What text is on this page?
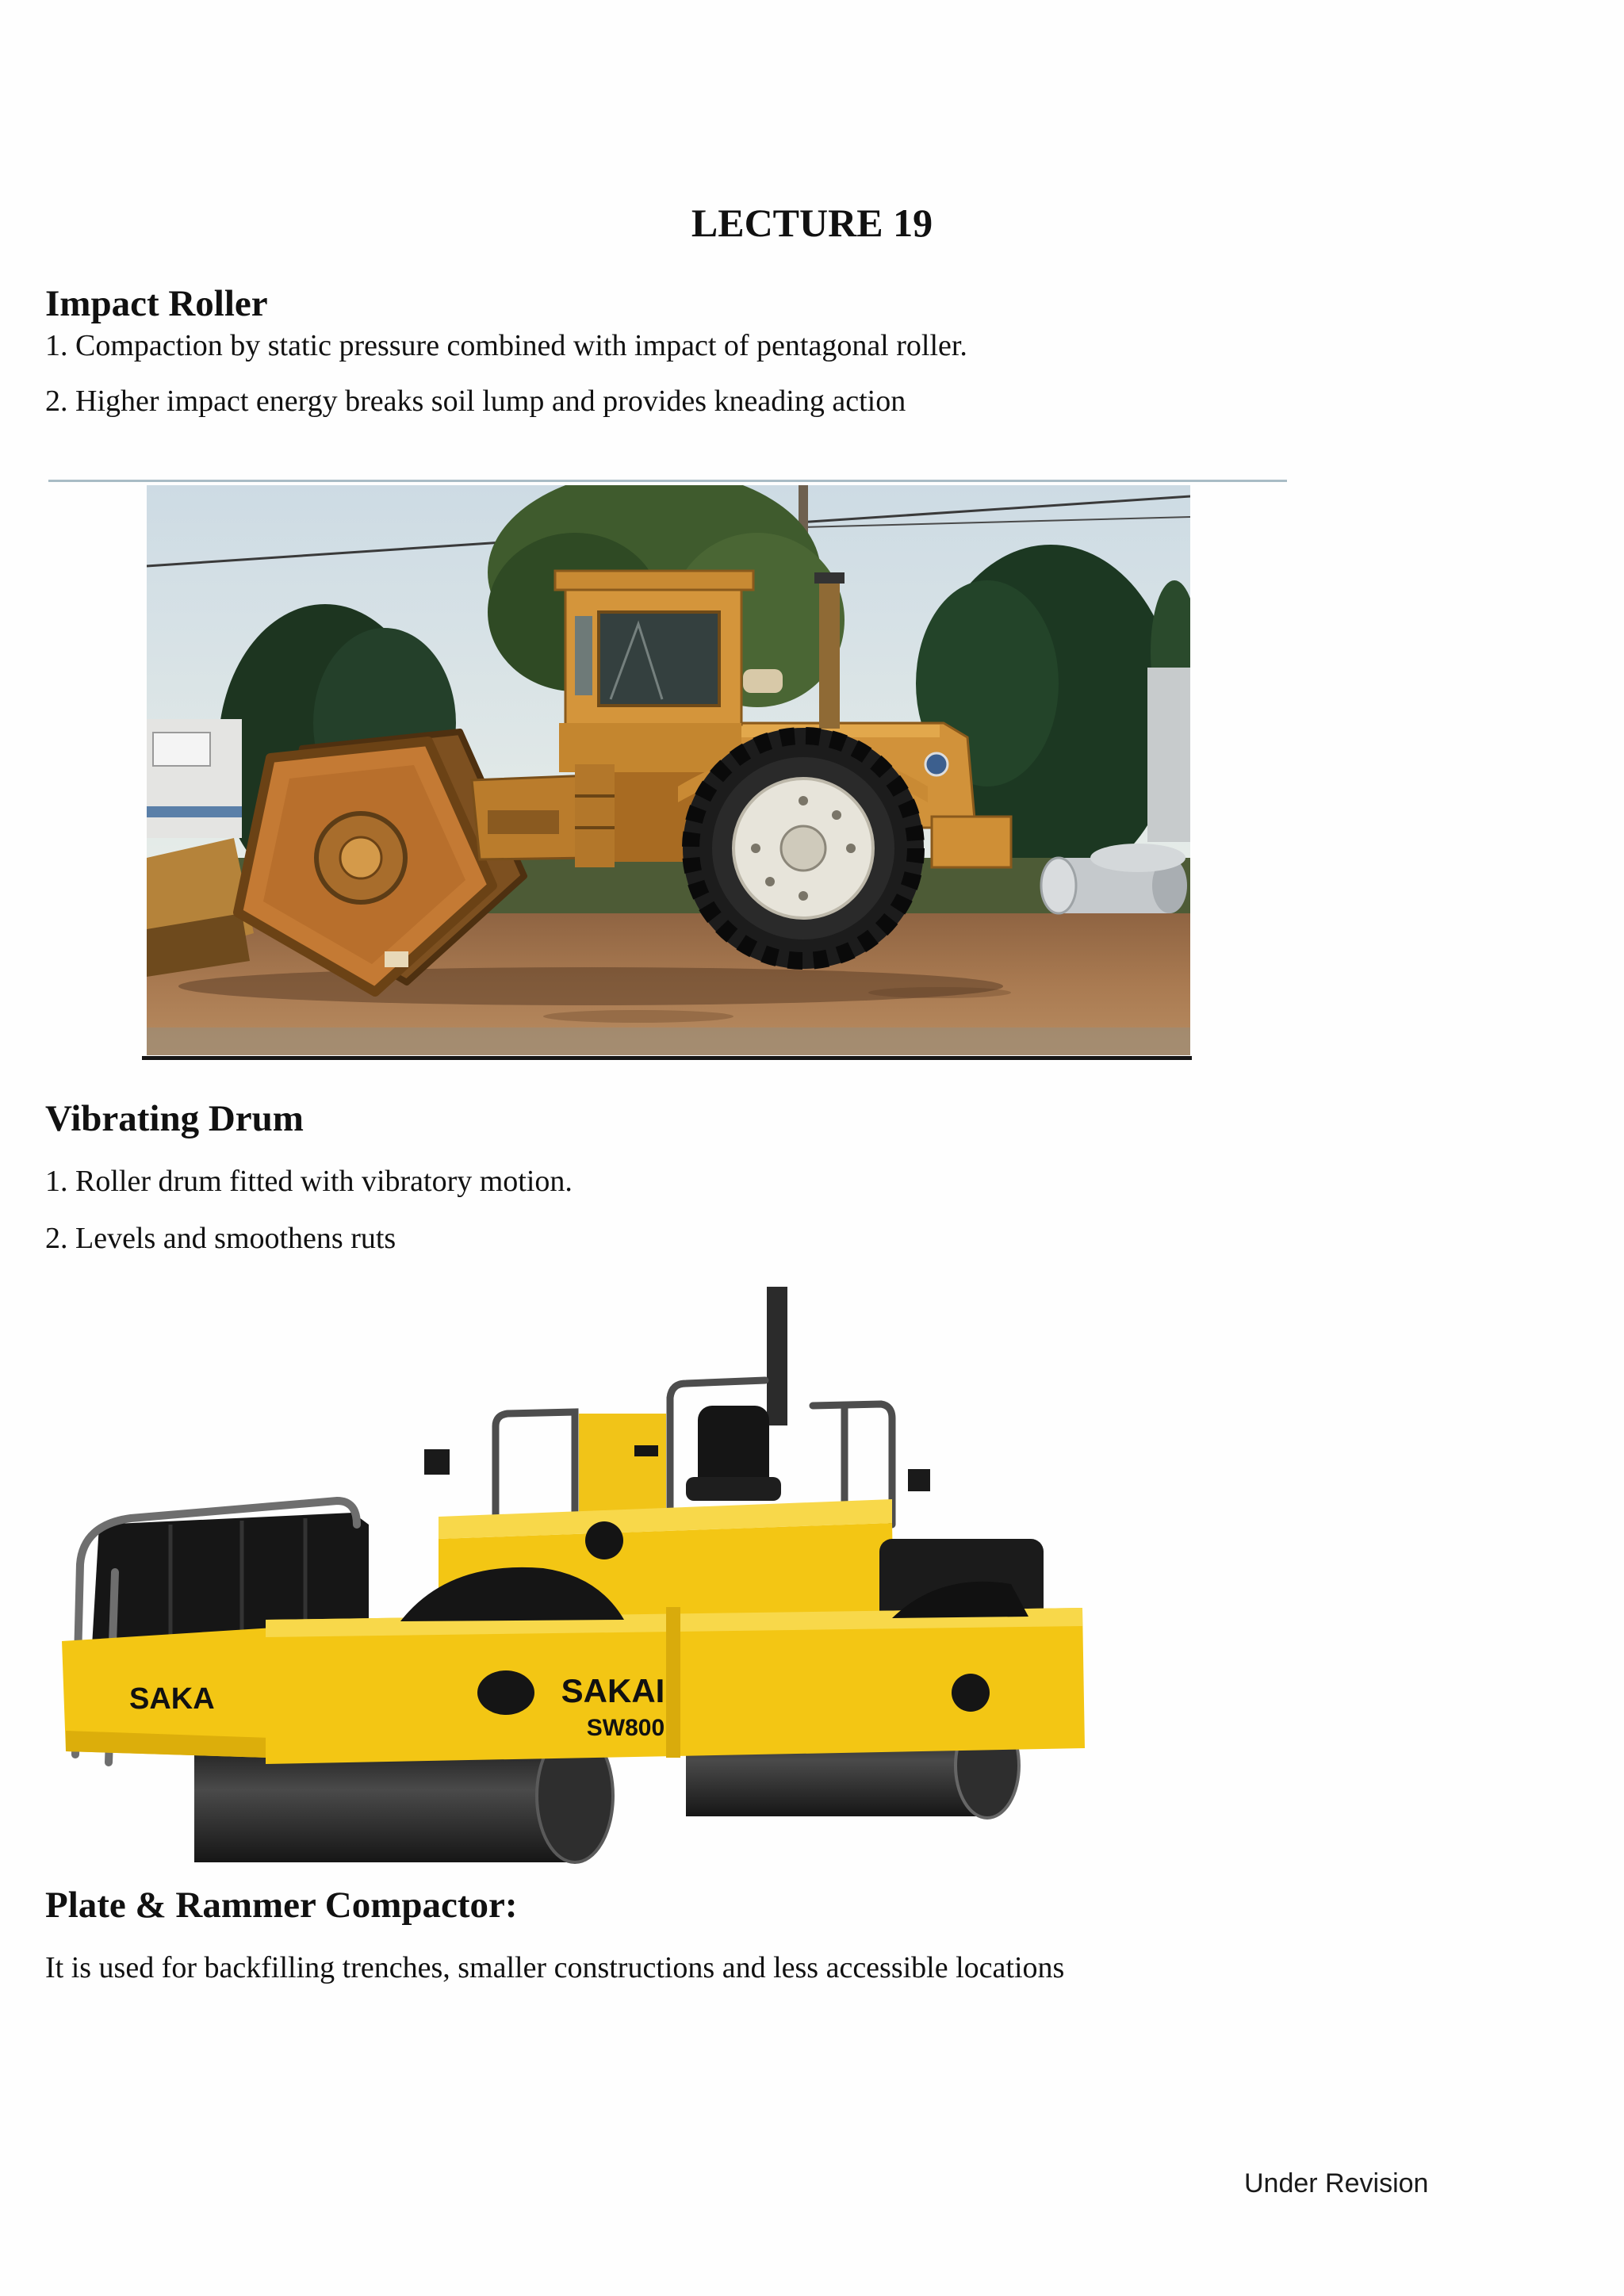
LECTURE 19
Impact Roller

1. Compaction by static pressure combined with impact of pentagonal roller.

2. Higher impact energy breaks soil lump and provides kneading action

Vibrating Drum

1. Roller drum fitted with vibratory motion.

2. Levels and smoothens ruts

SAKA	SAKAI
SW800
Plate & Rammer Compactor:

It is used for backfilling trenches, smaller constructions and less accessible locations

Under Revision
